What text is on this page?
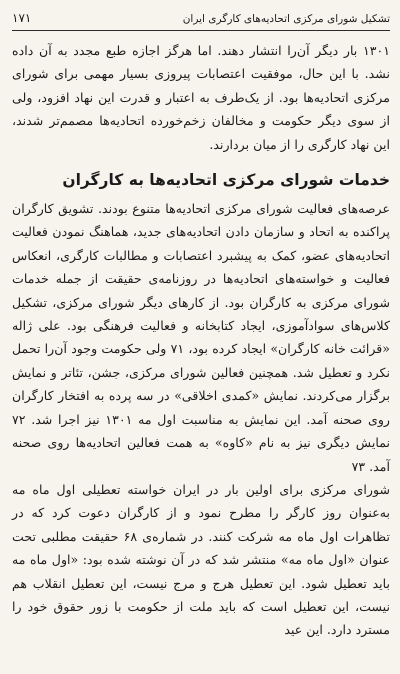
تشکیل شورای مرکزی اتحادیه‌های کارگری ایران
۱۷۱

۱۳۰۱ بار دیگر آن‌را انتشار دهند. اما هرگز اجازه طبع مجدد به آن داده نشد. با این حال، موفقیت اعتصابات پیروزی بسیار مهمی برای شورای مرکزی اتحادیه‌ها بود. از یک‌طرف به اعتبار و قدرت این نهاد افزود، ولی از سوی دیگر حکومت و مخالفان زخم‌خورده اتحادیه‌ها مصمم‌تر شدند، این نهاد کارگری را از میان بردارند.

خدمات شورای مرکزی اتحادیه‌ها به کارگران

عرصه‌های فعالیت شورای مرکزی اتحادیه‌ها متنوع بودند. تشویق کارگران پراکنده به اتحاد و سازمان دادن اتحادیه‌های جدید، هماهنگ نمودن فعالیت اتحادیه‌های عضو، کمک به پیشبرد اعتصابات و مطالبات کارگری، انعکاس فعالیت و خواسته‌های اتحادیه‌ها در روزنامه‌ی حقیقت از جمله خدمات شورای مرکزی به کارگران بود. از کارهای دیگر شورای مرکزی، تشکیل کلاس‌های سوادآموزی، ایجاد کتابخانه و فعالیت فرهنگی بود. علی ژاله «قرائت خانه کارگران» ایجاد کرده بود، ۷۱ ولی حکومت وجود آن‌را تحمل نکرد و تعطیل شد. همچنین فعالین شورای مرکزی، جشن، تئاتر و نمایش برگزار می‌کردند. نمایش «کمدی اخلاقی» در سه پرده به افتخار کارگران روی صحنه آمد. این نمایش به مناسبت اول مه ۱۳۰۱ نیز اجرا شد. ۷۲ نمایش دیگری نیز به نام «کاوه» به همت فعالین اتحادیه‌ها روی صحنه آمد. ۷۳

شورای مرکزی برای اولین بار در ایران خواسته تعطیلی اول ماه مه به‌عنوان روز کارگر را مطرح نمود و از کارگران دعوت کرد که در تظاهرات اول ماه مه شرکت کنند. در شماره‌ی ۶۸ حقیقت مطلبی تحت عنوان «اول ماه مه» منتشر شد که در آن نوشته شده بود: «اول ماه مه باید تعطیل شود. این تعطیل هرج و مرج نیست، این تعطیل انقلاب هم نیست، این تعطیل است که باید ملت از حکومت با زور حقوق خود را مسترد دارد. این عید
